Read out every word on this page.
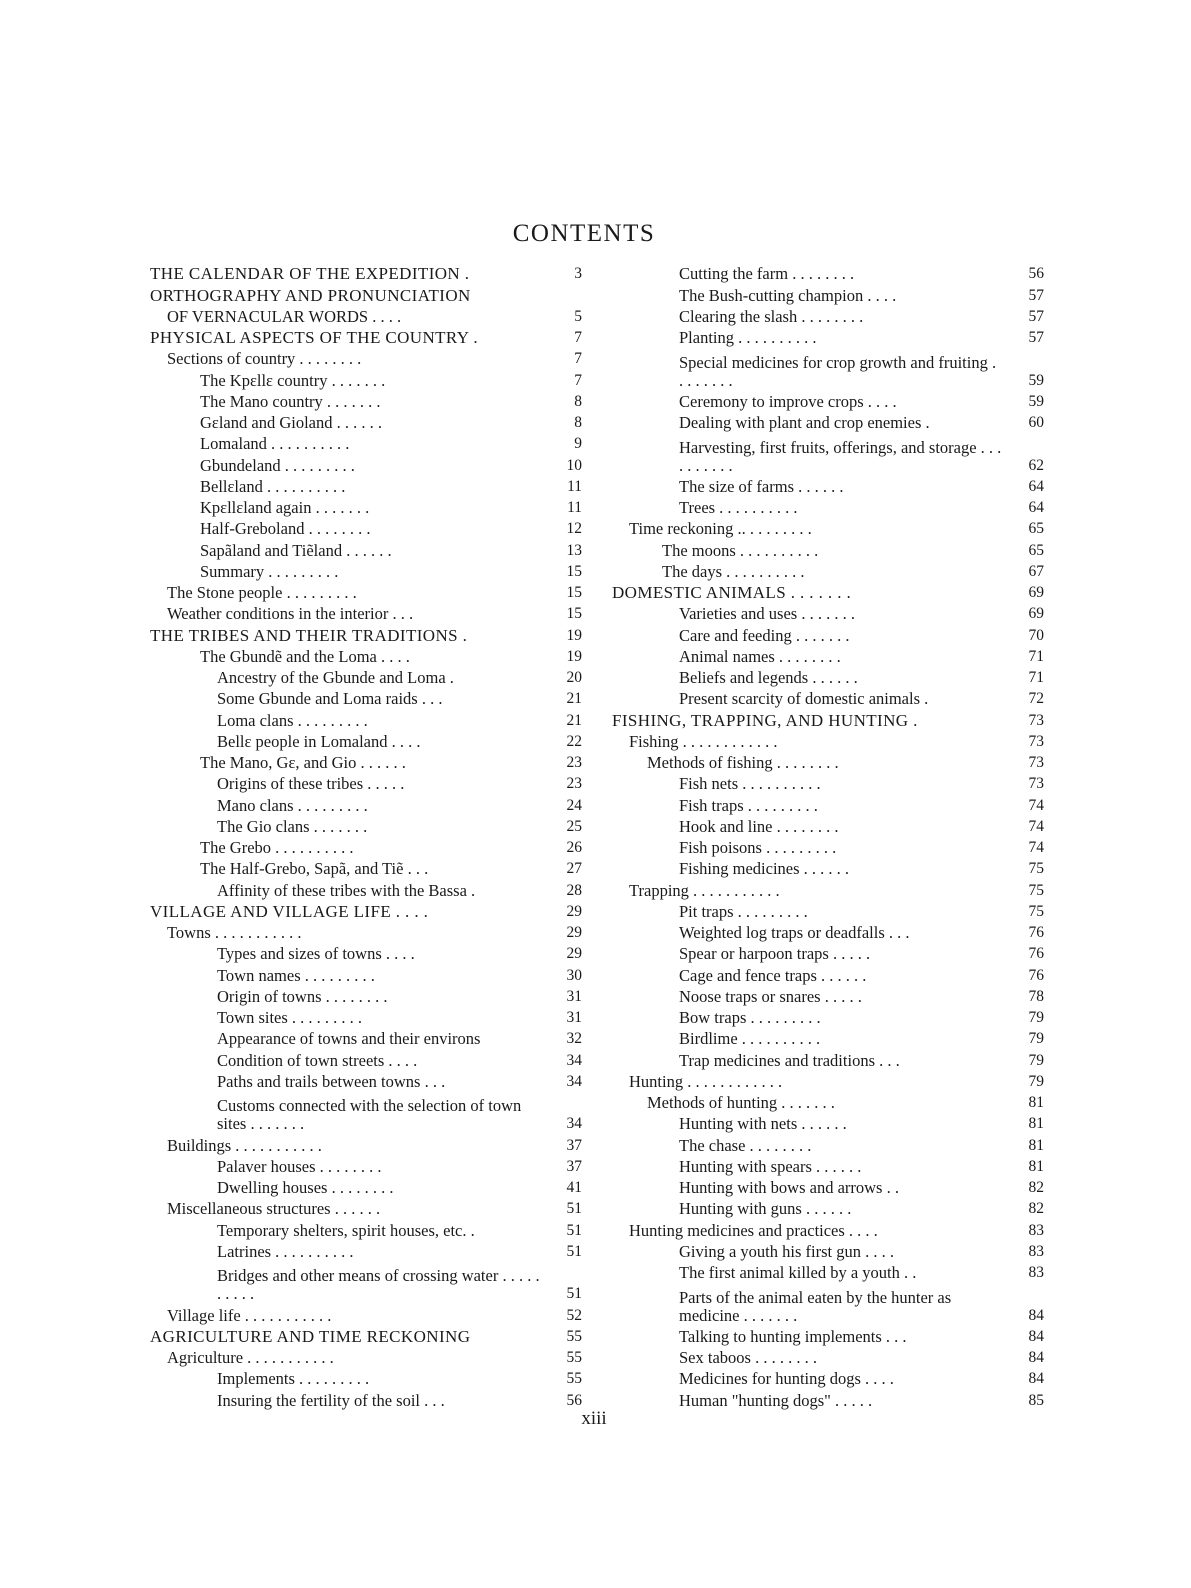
CONTENTS
THE CALENDAR OF THE EXPEDITION .	3
ORTHOGRAPHY AND PRONUNCIATION
OF VERNACULAR WORDS . . . .	5
PHYSICAL ASPECTS OF THE COUNTRY .	7
Sections of country . . . . . . . .	7
The Kpɛllɛ country . . . . . . .	7
The Mano country . . . . . . .	8
Gɛland and Gioland . . . . . .	8
Lomaland . . . . . . . . . .	9
Gbundeland . . . . . . . . .	10
Bellɛland . . . . . . . . . .	11
Kpɛllɛland again . . . . . . .	11
Half-Greboland . . . . . . . .	12
Sapãland and Tiẽland . . . . . .	13
Summary . . . . . . . . .	15
The Stone people . . . . . . . . .	15
Weather conditions in the interior . . .	15
THE TRIBES AND THEIR TRADITIONS .	19
The Gbundẽ and the Loma . . . .	19
Ancestry of the Gbunde and Loma .	20
Some Gbunde and Loma raids . . .	21
Loma clans . . . . . . . . .	21
Bellɛ people in Lomaland . . . .	22
The Mano, Gɛ, and Gio . . . . . .	23
Origins of these tribes . . . . .	23
Mano clans . . . . . . . . .	24
The Gio clans . . . . . . .	25
The Grebo . . . . . . . . . .	26
The Half-Grebo, Sapã, and Tiẽ . . .	27
Affinity of these tribes with the Bassa .	28
VILLAGE AND VILLAGE LIFE . . . .	29
Towns . . . . . . . . . . .	29
Types and sizes of towns . . . .	29
Town names . . . . . . . . .	30
Origin of towns . . . . . . . .	31
Town sites . . . . . . . . .	31
Appearance of towns and their environs	32
Condition of town streets . . . .	34
Paths and trails between towns . . .	34
Customs connected with the selection of town sites . . . . . . .	34
Buildings . . . . . . . . . . .	37
Palaver houses . . . . . . . .	37
Dwelling houses . . . . . . . .	41
Miscellaneous structures . . . . . .	51
Temporary shelters, spirit houses, etc. .	51
Latrines . . . . . . . . . .	51
Bridges and other means of crossing water . . . . . . . . . .	51
Village life . . . . . . . . . . .	52
AGRICULTURE AND TIME RECKONING	55
Agriculture . . . . . . . . . . .	55
Implements . . . . . . . . .	55
Insuring the fertility of the soil . . .	56
Cutting the farm . . . . . . . .	56
The Bush-cutting champion . . . .	57
Clearing the slash . . . . . . . .	57
Planting . . . . . . . . . .	57
Special medicines for crop growth and fruiting . . . . . . . .	59
Ceremony to improve crops . . . .	59
Dealing with plant and crop enemies .	60
Harvesting, first fruits, offerings, and storage . . . . . . . . . .	62
The size of farms . . . . . .	64
Trees . . . . . . . . . .	64
Time reckoning .. . . . . . . . .	65
The moons . . . . . . . . . .	65
The days . . . . . . . . . .	67
DOMESTIC ANIMALS . . . . . . .	69
Varieties and uses . . . . . . .	69
Care and feeding . . . . . . .	70
Animal names . . . . . . . .	71
Beliefs and legends . . . . . .	71
Present scarcity of domestic animals .	72
FISHING, TRAPPING, AND HUNTING .	73
Fishing . . . . . . . . . . . .	73
Methods of fishing . . . . . . . .	73
Fish nets . . . . . . . . . .	73
Fish traps . . . . . . . . .	74
Hook and line . . . . . . . .	74
Fish poisons . . . . . . . . .	74
Fishing medicines . . . . . .	75
Trapping . . . . . . . . . . .	75
Pit traps . . . . . . . . .	75
Weighted log traps or deadfalls . . .	76
Spear or harpoon traps . . . . .	76
Cage and fence traps . . . . . .	76
Noose traps or snares . . . . .	78
Bow traps . . . . . . . . .	79
Birdlime . . . . . . . . . .	79
Trap medicines and traditions . . .	79
Hunting . . . . . . . . . . . .	79
Methods of hunting . . . . . . .	81
Hunting with nets . . . . . .	81
The chase . . . . . . . .	81
Hunting with spears . . . . . .	81
Hunting with bows and arrows . .	82
Hunting with guns . . . . . .	82
Hunting medicines and practices . . . .	83
Giving a youth his first gun . . . .	83
The first animal killed by a youth . .	83
Parts of the animal eaten by the hunter as medicine . . . . . . .	84
Talking to hunting implements . . .	84
Sex taboos . . . . . . . .	84
Medicines for hunting dogs . . . .	84
Human "hunting dogs" . . . . .	85
xiii
